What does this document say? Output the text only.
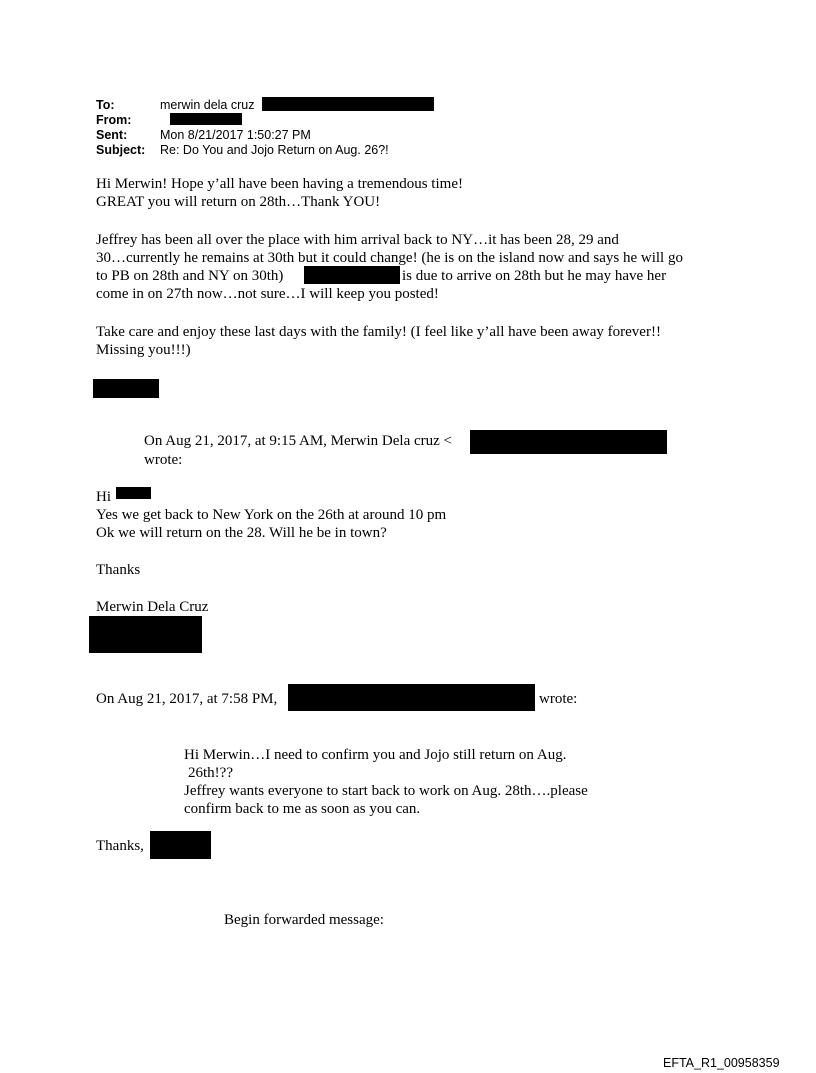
To:	merwin dela cruz
From:
Sent:	Mon 8/21/2017 1:50:27 PM
Subject: Re: Do You and Jojo Return on Aug. 26?!
Hi Merwin! Hope y’all have been having a tremendous time!
GREAT you will return on 28th…Thank YOU!
Jeffrey has been all over the place with him arrival back to NY…it has been 28, 29 and
30…currently he remains at 30th but it could change! (he is on the island now and says he will go
to PB on 28th and NY on 30th)	is due to arrive on 28th but he may have her
come in on 27th now…not sure…I will keep you posted!
Take care and enjoy these last days with the family! (I feel like y’all have been away forever!!
Missing you!!!)
On Aug 21, 2017, at 9:15 AM, Merwin Dela cruz <
wrote:
Hi
Yes we get back to New York on the 26th at around 10 pm
Ok we will return on the 28. Will he be in town?
Thanks
Merwin Dela Cruz
On Aug 21, 2017, at 7:58 PM,	wrote:
Hi Merwin…I need to confirm you and Jojo still return on Aug.
26th!??
Jeffrey wants everyone to start back to work on Aug. 28th….please
confirm back to me as soon as you can.
Thanks,
Begin forwarded message:
EFTA_R1_00958359
